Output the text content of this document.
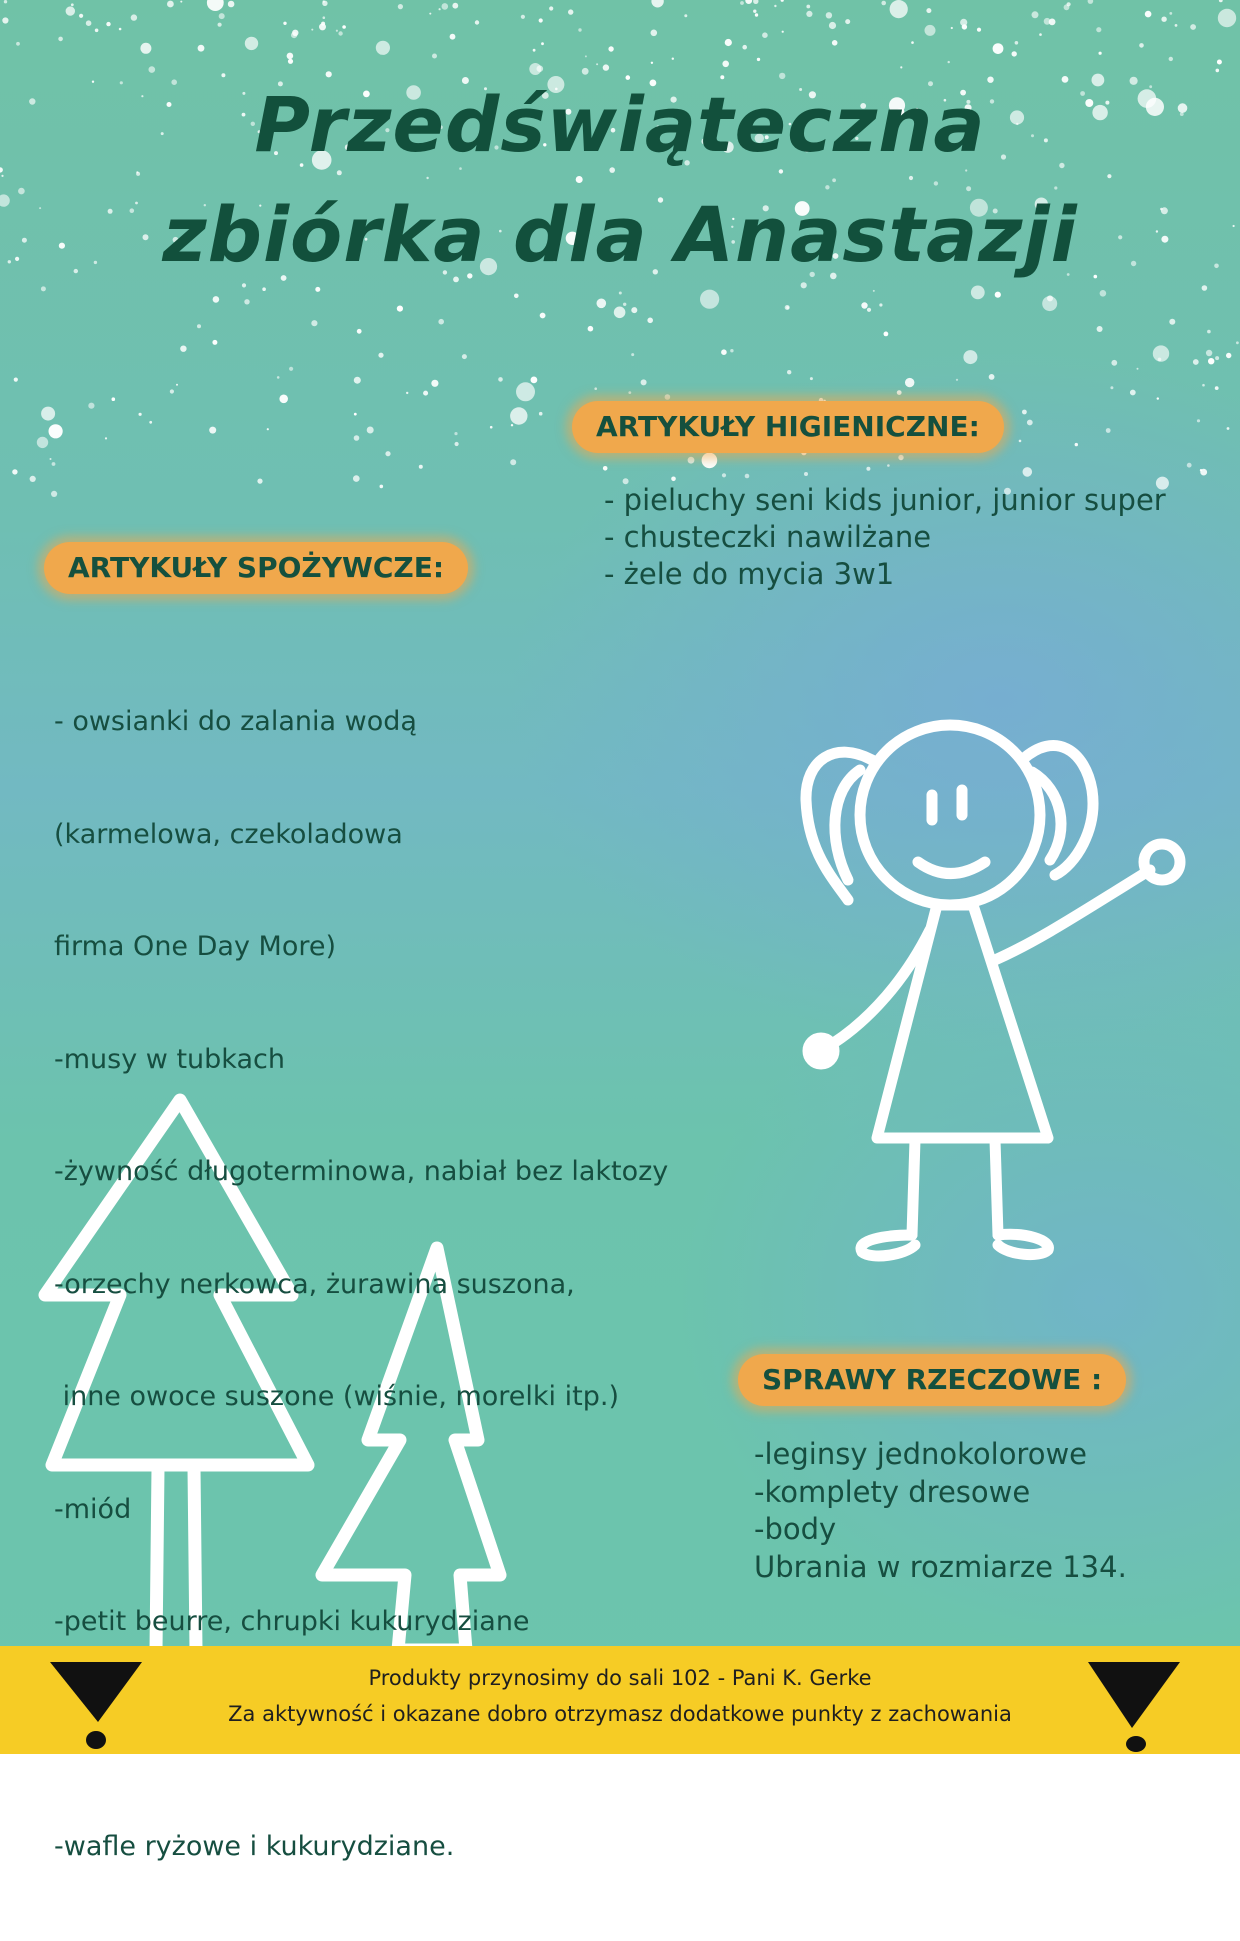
Przedświąteczna
zbiórka dla Anastazji
ARTYKUŁY HIGIENICZNE:
- pieluchy seni kids junior, junior super
- chusteczki nawilżane
- żele do mycia 3w1
ARTYKUŁY SPOŻYWCZE:

- owsianki do zalania wodą

(karmelowa, czekoladowa

firma One Day More)

-musy w tubkach

-żywność długoterminowa, nabiał bez laktozy

-orzechy nerkowca, żurawina suszona,

inne owoce suszone (wiśnie, morelki itp.)

-miód

-petit beurre, chrupki kukurydziane

-wafle ryżowe i kukurydziane.

SPRAWY RZECZOWE :
-leginsy jednokolorowe
-komplety dresowe
-body
Ubrania w rozmiarze 134.
Produkty przynosimy do sali 102 - Pani K. Gerke
Za aktywność i okazane dobro otrzymasz dodatkowe punkty z zachowania
